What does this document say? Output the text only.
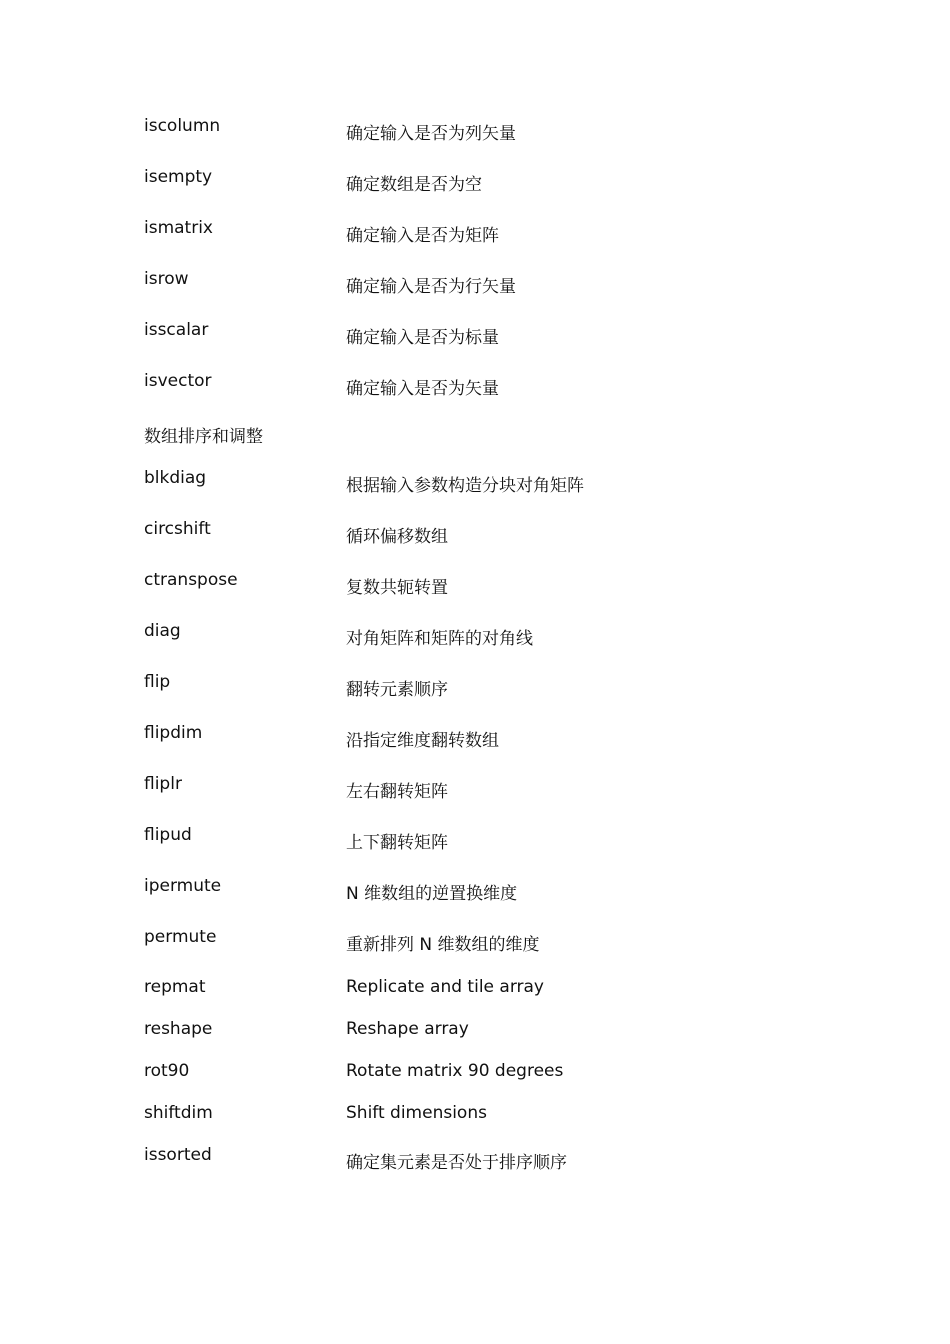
iscolumn	确定输入是否为列矢量
isempty	确定数组是否为空
ismatrix	确定输入是否为矩阵
isrow	确定输入是否为行矢量
isscalar	确定输入是否为标量
isvector	确定输入是否为矢量
数组排序和调整
blkdiag	根据输入参数构造分块对角矩阵
circshift	循环偏移数组
ctranspose	复数共轭转置
diag	对角矩阵和矩阵的对角线
flip	翻转元素顺序
flipdim	沿指定维度翻转数组
fliplr	左右翻转矩阵
flipud	上下翻转矩阵
ipermute	N 维数组的逆置换维度
permute	重新排列 N 维数组的维度
repmat	Replicate and tile array
reshape	Reshape array
rot90	Rotate matrix 90 degrees
shiftdim	Shift dimensions
issorted	确定集元素是否处于排序顺序
